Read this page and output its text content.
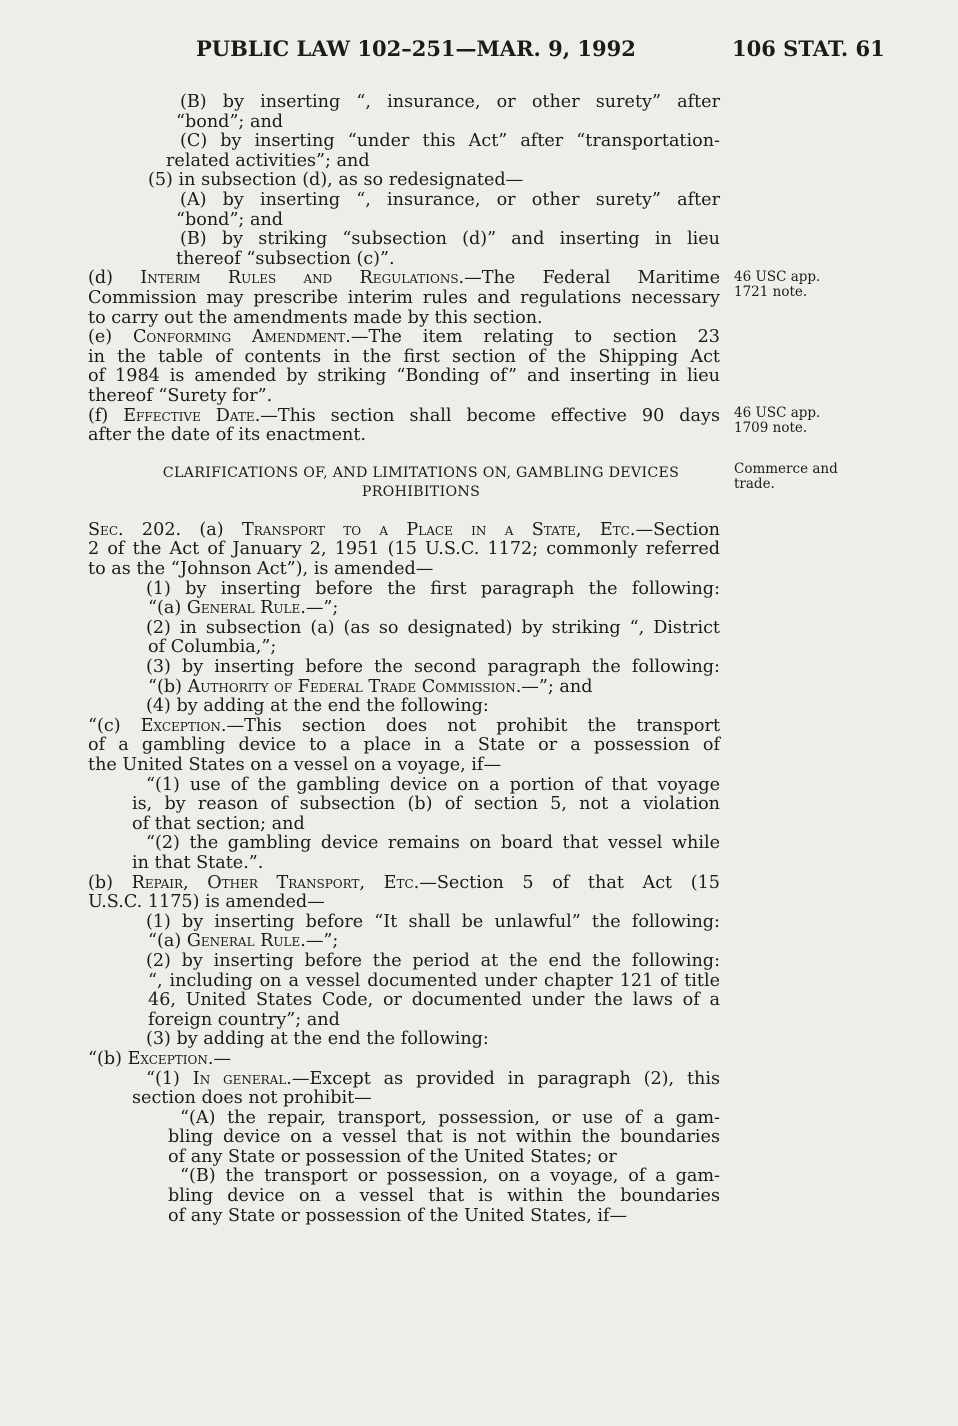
PUBLIC LAW 102–251—MAR. 9, 1992	106 STAT. 61
(B) by inserting “, insurance, or other surety” after
“bond”; and
(C) by inserting “under this Act” after “transportation-
related activities”; and
(5) in subsection (d), as so redesignated—
(A) by inserting “, insurance, or other surety” after
“bond”; and
(B) by striking “subsection (d)” and inserting in lieu
thereof “subsection (c)”.
(d) Interim Rules and Regulations.—The Federal Maritime
Commission may prescribe interim rules and regulations necessary
to carry out the amendments made by this section.
(e) Conforming Amendment.—The item relating to section 23
in the table of contents in the first section of the Shipping Act
of 1984 is amended by striking “Bonding of” and inserting in lieu
thereof “Surety for”.
(f) Effective Date.—This section shall become effective 90 days
after the date of its enactment.
CLARIFICATIONS OF, AND LIMITATIONS ON, GAMBLING DEVICES
PROHIBITIONS
Sec. 202. (a) Transport to a Place in a State, Etc.—Section
2 of the Act of January 2, 1951 (15 U.S.C. 1172; commonly referred
to as the “Johnson Act”), is amended—
(1) by inserting before the first paragraph the following:
“(a) General Rule.—”;
(2) in subsection (a) (as so designated) by striking “, District
of Columbia,”;
(3) by inserting before the second paragraph the following:
“(b) Authority of Federal Trade Commission.—”; and
(4) by adding at the end the following:
“(c) Exception.—This section does not prohibit the transport
of a gambling device to a place in a State or a possession of
the United States on a vessel on a voyage, if—
“(1) use of the gambling device on a portion of that voyage
is, by reason of subsection (b) of section 5, not a violation
of that section; and
“(2) the gambling device remains on board that vessel while
in that State.”.
(b) Repair, Other Transport, Etc.—Section 5 of that Act (15
U.S.C. 1175) is amended—
(1) by inserting before “It shall be unlawful” the following:
“(a) General Rule.—”;
(2) by inserting before the period at the end the following:
“, including on a vessel documented under chapter 121 of title
46, United States Code, or documented under the laws of a
foreign country”; and
(3) by adding at the end the following:
“(b) Exception.—
“(1) In general.—Except as provided in paragraph (2), this
section does not prohibit—
“(A) the repair, transport, possession, or use of a gam-
bling device on a vessel that is not within the boundaries
of any State or possession of the United States; or
“(B) the transport or possession, on a voyage, of a gam-
bling device on a vessel that is within the boundaries
of any State or possession of the United States, if—
46 USC app.
1721 note.
46 USC app.
1709 note.
Commerce and
trade.
